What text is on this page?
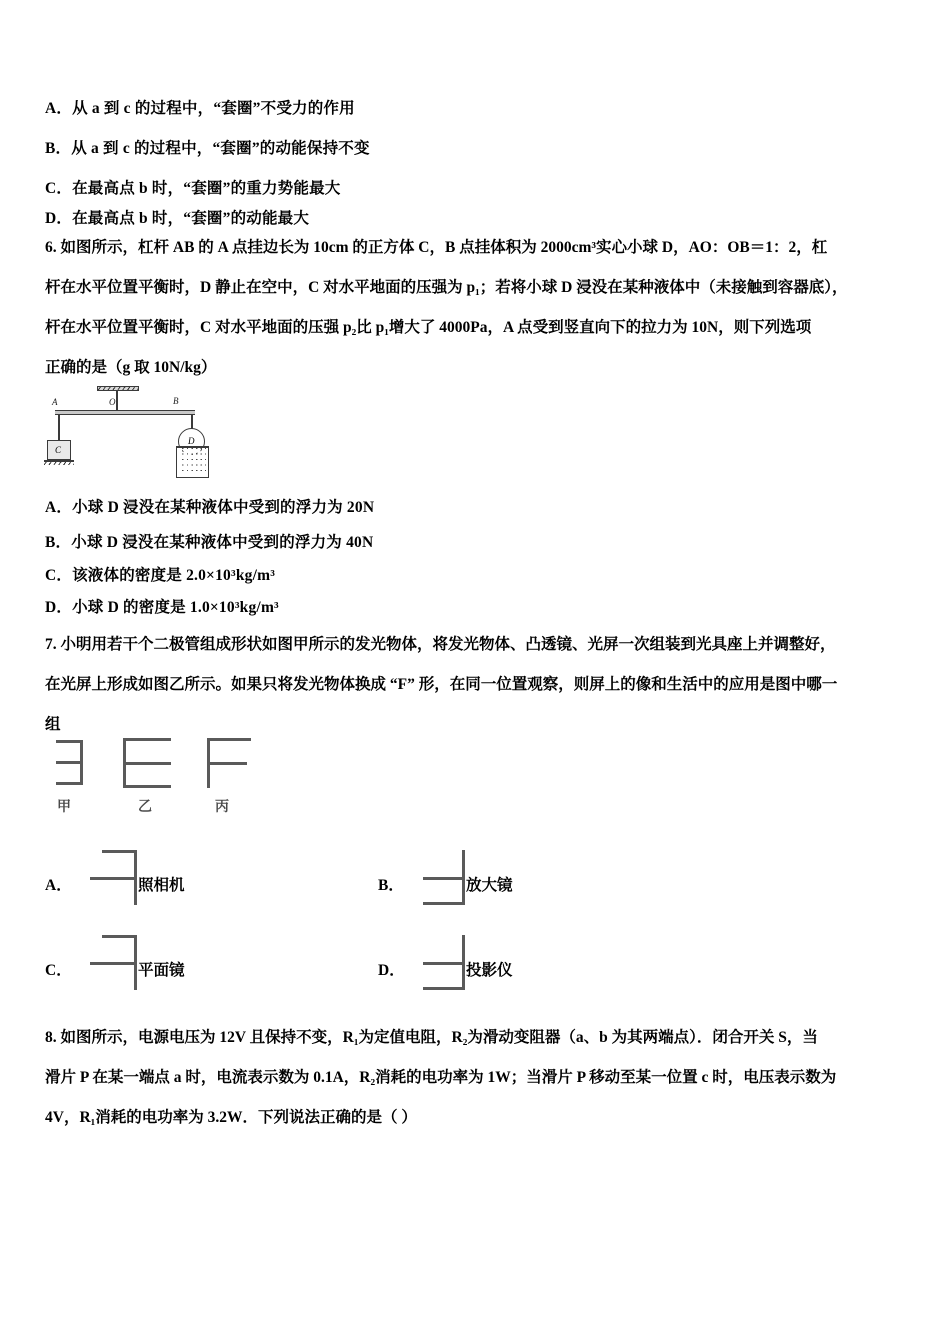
A．从 a 到 c 的过程中，“套圈”不受力的作用
B．从 a 到 c 的过程中，“套圈”的动能保持不变
C．在最高点 b 时，“套圈”的重力势能最大
D．在最高点 b 时，“套圈”的动能最大
6. 如图所示，杠杆 AB 的 A 点挂边长为 10cm 的正方体 C，B 点挂体积为 2000cm³实心小球 D，AO：OB＝1：2，杠
杆在水平位置平衡时，D 静止在空中，C 对水平地面的压强为 p₁；若将小球 D 浸没在某种液体中（未接触到容器底），
杆在水平位置平衡时，C 对水平地面的压强 p₂比 p₁增大了 4000Pa，A 点受到竖直向下的拉力为 10N，则下列选项
正确的是（g 取 10N/kg）
A	O	B
C
D
A．小球 D 浸没在某种液体中受到的浮力为 20N
B．小球 D 浸没在某种液体中受到的浮力为 40N
C．该液体的密度是 2.0×10³kg/m³
D．小球 D 的密度是 1.0×10³kg/m³
7. 小明用若干个二极管组成形状如图甲所示的发光物体，将发光物体、凸透镜、光屏一次组装到光具座上并调整好，
在光屏上形成如图乙所示。如果只将发光物体换成 “F” 形，在同一位置观察，则屏上的像和生活中的应用是图中哪一
组
甲	乙	丙
A．	照相机	B．	放大镜
C．	平面镜	D．	投影仪
8. 如图所示，电源电压为 12V 且保持不变，R₁为定值电阻，R₂为滑动变阻器（a、b 为其两端点）．闭合开关 S，当
滑片 P 在某一端点 a 时，电流表示数为 0.1A，R₂消耗的电功率为 1W；当滑片 P 移动至某一位置 c 时，电压表示数为
4V，R₁消耗的电功率为 3.2W．下列说法正确的是（ ）
